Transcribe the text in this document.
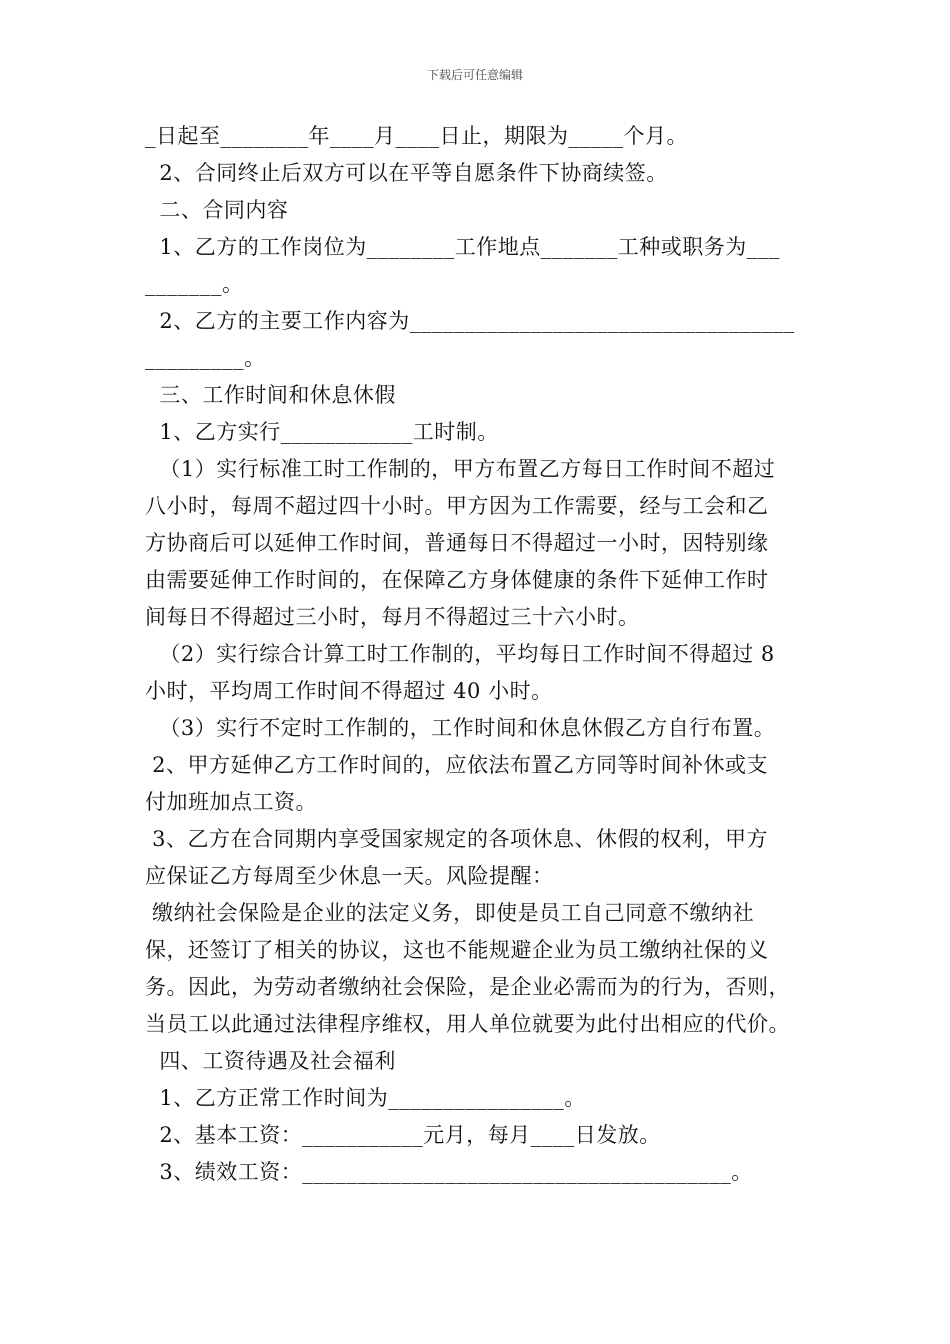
下载后可任意编辑
_日起至________年____月____日止，期限为_____个月。
2、合同终止后双方可以在平等自愿条件下协商续签。
二、合同内容
1、乙方的工作岗位为________工作地点_______工种或职务为___
_______。
2、乙方的主要工作内容为___________________________________
_________。
三、工作时间和休息休假
1、乙方实行____________工时制。
（1）实行标准工时工作制的，甲方布置乙方每日工作时间不超过
八小时，每周不超过四十小时。甲方因为工作需要，经与工会和乙
方协商后可以延伸工作时间，普通每日不得超过一小时，因特别缘
由需要延伸工作时间的，在保障乙方身体健康的条件下延伸工作时
间每日不得超过三小时，每月不得超过三十六小时。
（2）实行综合计算工时工作制的，平均每日工作时间不得超过 8
小时，平均周工作时间不得超过 40 小时。
（3）实行不定时工作制的，工作时间和休息休假乙方自行布置。
2、甲方延伸乙方工作时间的，应依法布置乙方同等时间补休或支
付加班加点工资。
3、乙方在合同期内享受国家规定的各项休息、休假的权利，甲方
应保证乙方每周至少休息一天。风险提醒：
缴纳社会保险是企业的法定义务，即使是员工自己同意不缴纳社
保，还签订了相关的协议，这也不能规避企业为员工缴纳社保的义
务。因此，为劳动者缴纳社会保险，是企业必需而为的行为，否则，
当员工以此通过法律程序维权，用人单位就要为此付出相应的代价。
四、工资待遇及社会福利
1、乙方正常工作时间为________________。
2、基本工资：___________元月，每月____日发放。
3、绩效工资：_______________________________________。
